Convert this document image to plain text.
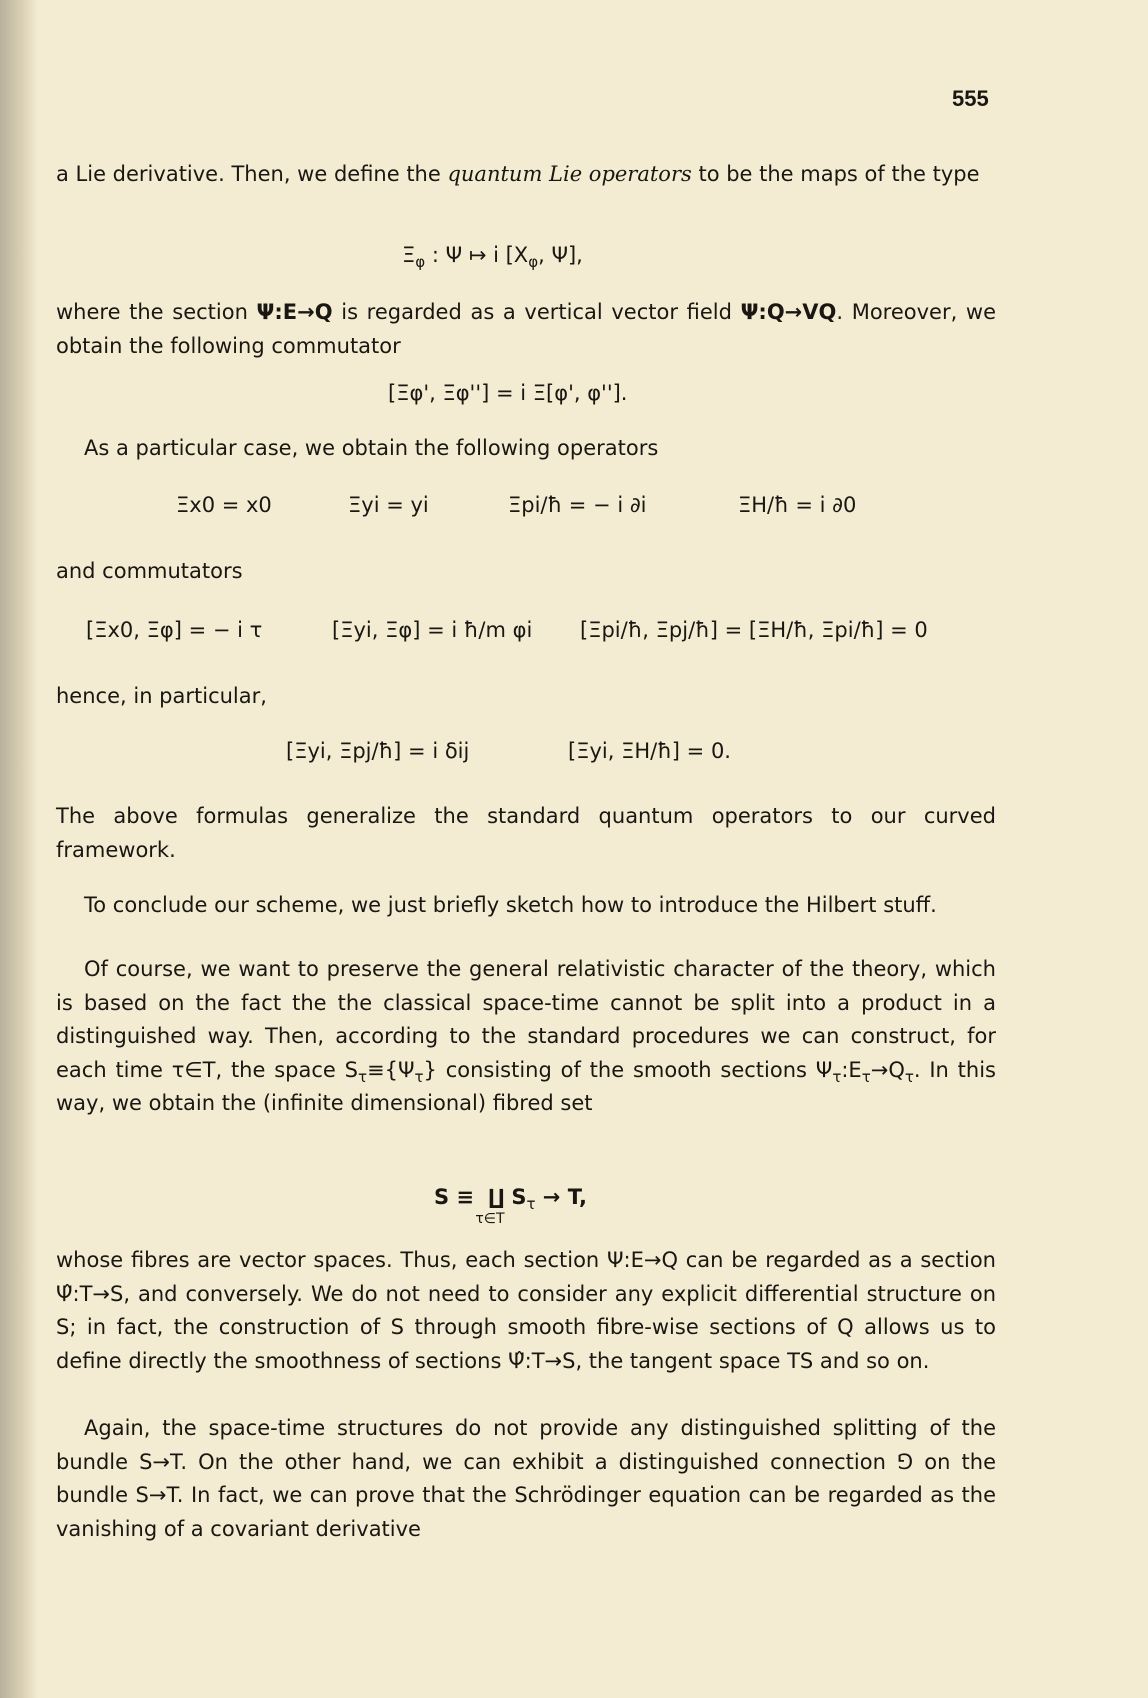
555

a Lie derivative. Then, we define the quantum Lie operators to be the maps of the type

$\Xi_\varphi$ : Ψ ↦ i [$X_\varphi$, Ψ],

where the section Ψ:E→Q is regarded as a vertical vector field Ψ:Q→VQ. Moreover, we obtain the following commutator

[Ξφ', Ξφ''] = i Ξ[φ', φ''].

As a particular case, we obtain the following operators

Ξx0 = x0	Ξyi = yi	Ξpi/ħ = − i ∂i	ΞH/ħ = i ∂0

and commutators

[Ξx0, Ξφ] = − i τ	[Ξyi, Ξφ] = i ħ/m φi [Ξpi/ħ, Ξpj/ħ] = [ΞH/ħ, Ξpi/ħ] = 0

hence, in particular,

[Ξyi, Ξpj/ħ] = i δij	[Ξyi, ΞH/ħ] = 0.

The above formulas generalize the standard quantum operators to our curved framework.

To conclude our scheme, we just briefly sketch how to introduce the Hilbert stuff.

Of course, we want to preserve the general relativistic character of the theory, which is based on the fact the the classical space-time cannot be split into a product in a distinguished way. Then, according to the standard procedures we can construct, for each time τ∈T, the space $S_\tau\equiv\{\Psi_\tau\}$ consisting of the smooth sections $\Psi_\tau:E_\tau\to Q_\tau$. In this way, we obtain the (infinite dimensional) fibred set

S ≡ ∐
τ∈T
$S_\tau \to T$,

whose fibres are vector spaces. Thus, each section Ψ:E→Q can be regarded as a section Ψ̂:T→S, and conversely. We do not need to consider any explicit differential structure on S; in fact, the construction of S through smooth fibre-wise sections of Q allows us to define directly the smoothness of sections Ψ̂:T→S, the tangent space TS and so on.

Again, the space-time structures do not provide any distinguished splitting of the bundle S→T. On the other hand, we can exhibit a distinguished connection ⅁ on the bundle S→T. In fact, we can prove that the Schrödinger equation can be regarded as the vanishing of a covariant derivative
